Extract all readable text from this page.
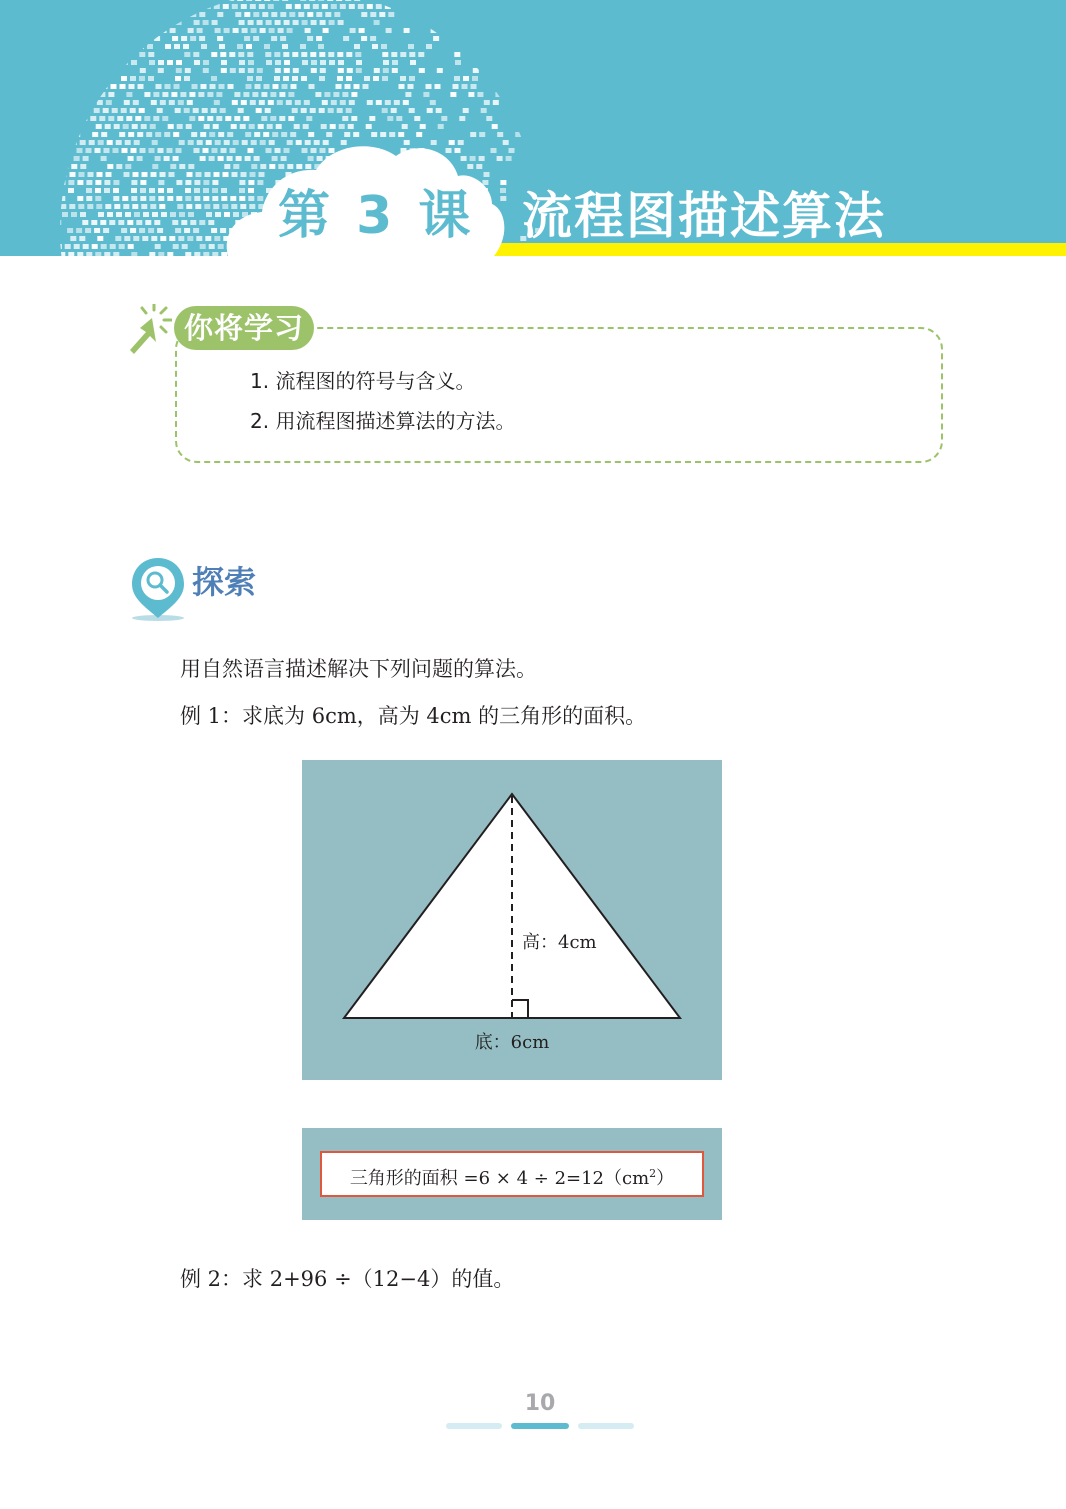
第 3 课 流程图描述算法
你将学习
1. 流程图的符号与含义。
2. 用流程图描述算法的方法。
探索
用自然语言描述解决下列问题的算法。
例 1：求底为 6cm，高为 4cm 的三角形的面积。
高：4cm
底：6cm
三角形的面积 $=6 \times 4 \div 2=12(cm^2)$
例 2：求 2+96 ÷（12−4）的值。
10
